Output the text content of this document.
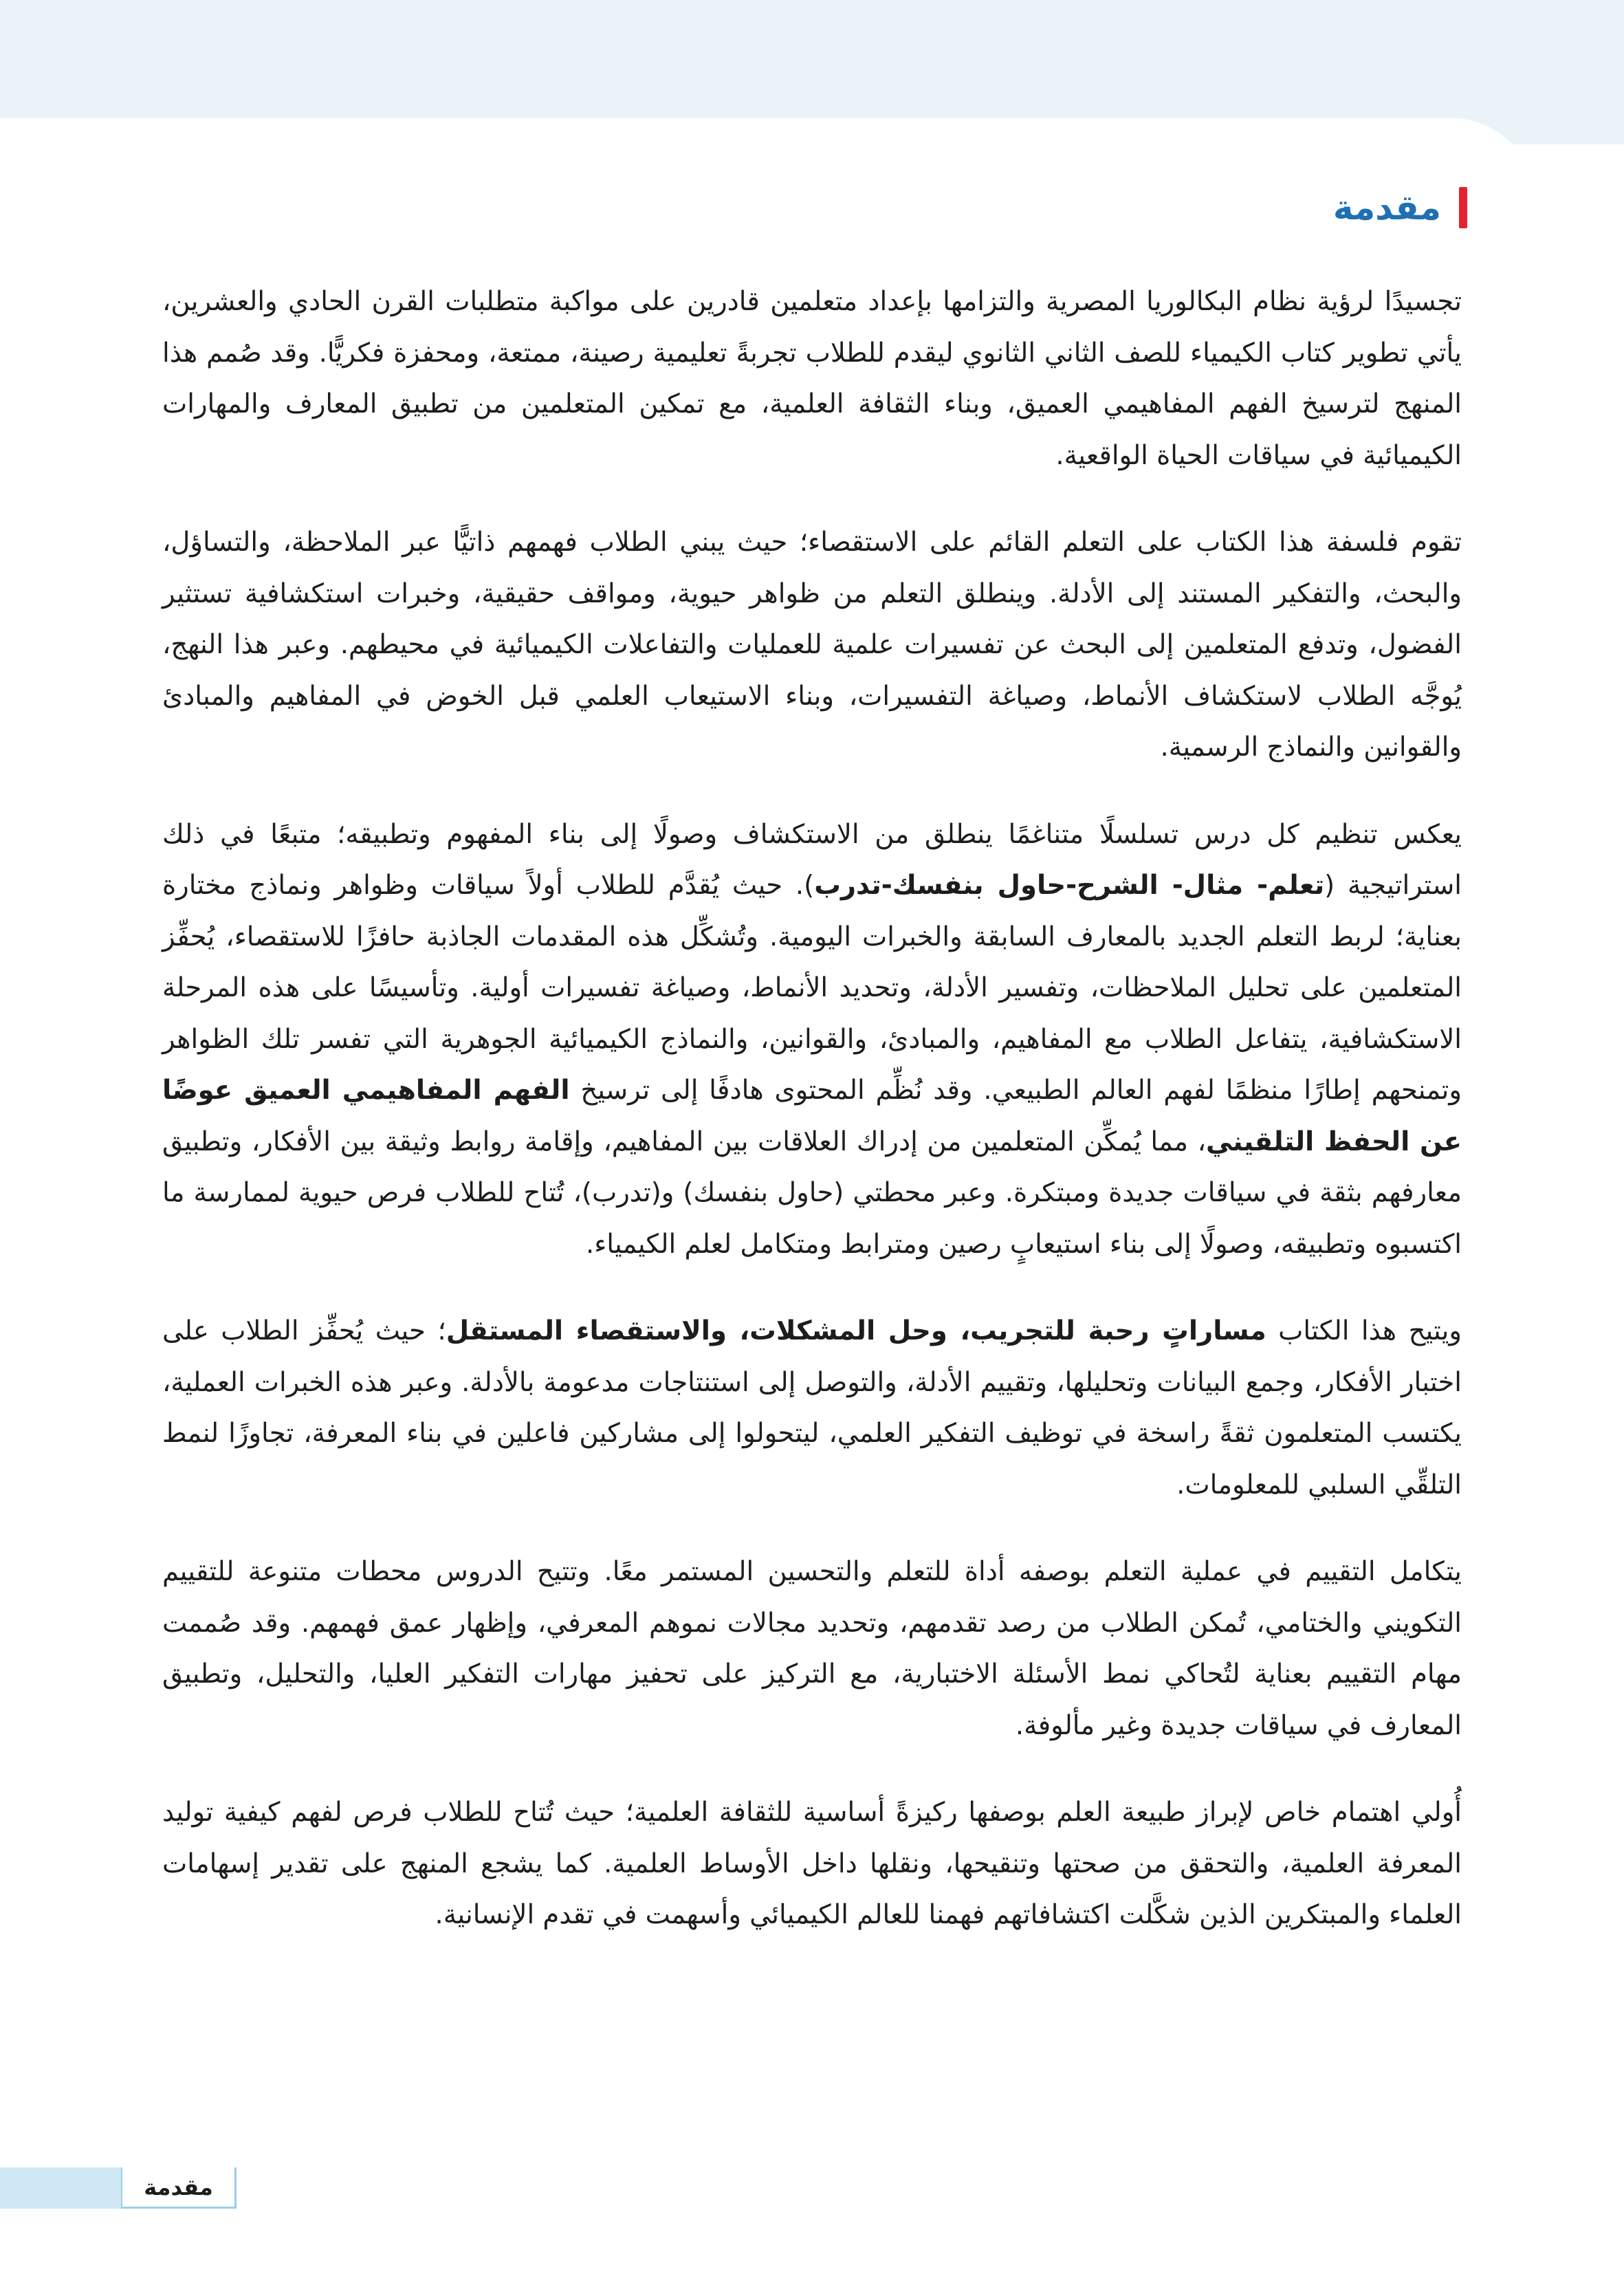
مقدمة

تجسيدًا لرؤية نظام البكالوريا المصرية والتزامها بإعداد متعلمين قادرين على مواكبة متطلبات القرن الحادي والعشرين، يأتي تطوير كتاب الكيمياء للصف الثاني الثانوي ليقدم للطلاب تجربةً تعليمية رصينة، ممتعة، ومحفزة فكريًّا. وقد صُمم هذا المنهج لترسيخ الفهم المفاهيمي العميق، وبناء الثقافة العلمية، مع تمكين المتعلمين من تطبيق المعارف والمهارات الكيميائية في سياقات الحياة الواقعية.

تقوم فلسفة هذا الكتاب على التعلم القائم على الاستقصاء؛ حيث يبني الطلاب فهمهم ذاتيًّا عبر الملاحظة، والتساؤل، والبحث، والتفكير المستند إلى الأدلة. وينطلق التعلم من ظواهر حيوية، ومواقف حقيقية، وخبرات استكشافية تستثير الفضول، وتدفع المتعلمين إلى البحث عن تفسيرات علمية للعمليات والتفاعلات الكيميائية في محيطهم. وعبر هذا النهج، يُوجَّه الطلاب لاستكشاف الأنماط، وصياغة التفسيرات، وبناء الاستيعاب العلمي قبل الخوض في المفاهيم والمبادئ والقوانين والنماذج الرسمية.

يعكس تنظيم كل درس تسلسلًا متناغمًا ينطلق من الاستكشاف وصولًا إلى بناء المفهوم وتطبيقه؛ متبعًا في ذلك استراتيجية (تعلم- مثال- الشرح-حاول بنفسك-تدرب). حيث يُقدَّم للطلاب أولاً سياقات وظواهر ونماذج مختارة بعناية؛ لربط التعلم الجديد بالمعارف السابقة والخبرات اليومية. وتُشكِّل هذه المقدمات الجاذبة حافزًا للاستقصاء، يُحفِّز المتعلمين على تحليل الملاحظات، وتفسير الأدلة، وتحديد الأنماط، وصياغة تفسيرات أولية. وتأسيسًا على هذه المرحلة الاستكشافية، يتفاعل الطلاب مع المفاهيم، والمبادئ، والقوانين، والنماذج الكيميائية الجوهرية التي تفسر تلك الظواهر وتمنحهم إطارًا منظمًا لفهم العالم الطبيعي. وقد نُظِّم المحتوى هادفًا إلى ترسيخ الفهم المفاهيمي العميق عوضًا عن الحفظ التلقيني، مما يُمكِّن المتعلمين من إدراك العلاقات بين المفاهيم، وإقامة روابط وثيقة بين الأفكار، وتطبيق معارفهم بثقة في سياقات جديدة ومبتكرة. وعبر محطتي (حاول بنفسك) و(تدرب)، تُتاح للطلاب فرص حيوية لممارسة ما اكتسبوه وتطبيقه، وصولًا إلى بناء استيعابٍ رصين ومترابط ومتكامل لعلم الكيمياء.

ويتيح هذا الكتاب مساراتٍ رحبة للتجريب، وحل المشكلات، والاستقصاء المستقل؛ حيث يُحفِّز الطلاب على اختبار الأفكار، وجمع البيانات وتحليلها، وتقييم الأدلة، والتوصل إلى استنتاجات مدعومة بالأدلة. وعبر هذه الخبرات العملية، يكتسب المتعلمون ثقةً راسخة في توظيف التفكير العلمي، ليتحولوا إلى مشاركين فاعلين في بناء المعرفة، تجاوزًا لنمط التلقِّي السلبي للمعلومات.

يتكامل التقييم في عملية التعلم بوصفه أداة للتعلم والتحسين المستمر معًا. وتتيح الدروس محطات متنوعة للتقييم التكويني والختامي، تُمكن الطلاب من رصد تقدمهم، وتحديد مجالات نموهم المعرفي، وإظهار عمق فهمهم. وقد صُممت مهام التقييم بعناية لتُحاكي نمط الأسئلة الاختبارية، مع التركيز على تحفيز مهارات التفكير العليا، والتحليل، وتطبيق المعارف في سياقات جديدة وغير مألوفة.

أُولي اهتمام خاص لإبراز طبيعة العلم بوصفها ركيزةً أساسية للثقافة العلمية؛ حيث تُتاح للطلاب فرص لفهم كيفية توليد المعرفة العلمية، والتحقق من صحتها وتنقيحها، ونقلها داخل الأوساط العلمية. كما يشجع المنهج على تقدير إسهامات العلماء والمبتكرين الذين شكَّلت اكتشافاتهم فهمنا للعالم الكيميائي وأسهمت في تقدم الإنسانية.

مقدمة
